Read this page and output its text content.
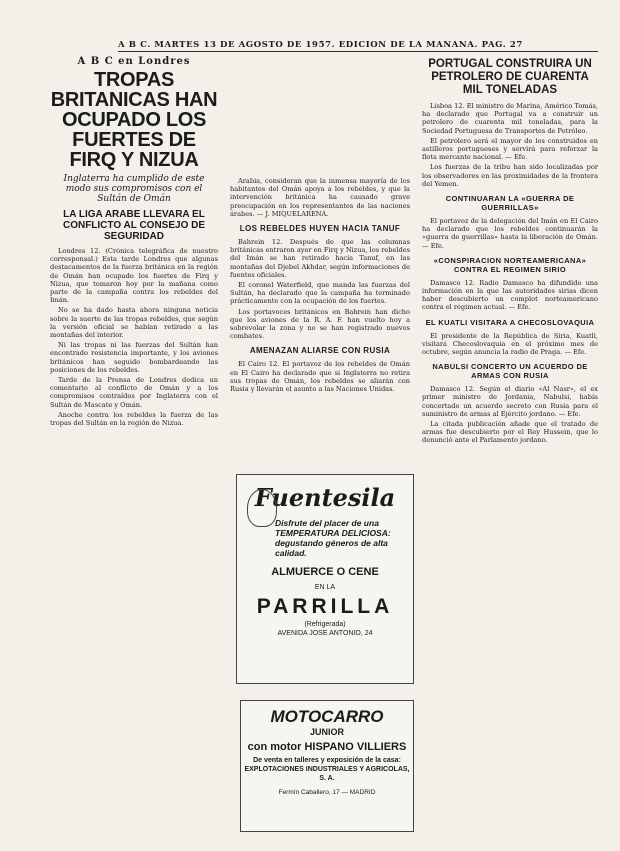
A B C. MARTES 13 DE AGOSTO DE 1957. EDICION DE LA MAÑANA. PAG. 27
A B C en Londres
TROPAS BRITANICAS HAN OCUPADO LOS FUERTES DE FIRQ Y NIZUA
Inglaterra ha cumplido de este modo sus compromisos con el Sultán de Omán
LA LIGA ARABE LLEVARA EL CONFLICTO AL CONSEJO DE SEGURIDAD

Londres 12. (Crónica telegráfica de nuestro corresponsal.) Esta tarde Londres que algunas destacamentos de la fuerza británica en la región de Omán han ocupado los fuertes de Firq y Nizua, que tomaron hoy por la mañana como parte de la campaña contra los rebeldes del Imán.

No se ha dado hasta ahora ninguna noticia sobre la suerte de las tropas rebeldes, que según la versión oficial se habían retirado a las montañas del interior.

Ni las tropas ni las fuerzas del Sultán han encontrado resistencia importante, y los aviones británicos han seguido bombardeando las posiciones de los rebeldes.

Tarde de la Prensa de Londres dedica un comentario al conflicto de Omán y a los compromisos contraídos por Inglaterra con el Sultán de Mascate y Omán.

Anoche contra los rebeldes la fuerza de las tropas del Sultán en la región de Nizua.

Arabia, consideran que la inmensa mayoría de los habitantes del Omán apoya a los rebeldes, y que la intervención británica ha causado grave preocupación en los representantes de las naciones árabes. — J. MIQUELARENA.

LOS REBELDES HUYEN HACIA TANUF

Bahrein 12. Después de que las columnas británicas entraron ayer en Firq y Nizua, los rebeldes del Imán se han retirado hacia Tanuf, en las montañas del Djebel Akhdar, según informaciones de fuentes oficiales.

El coronel Waterfield, que manda las fuerzas del Sultán, ha declarado que la campaña ha terminado prácticamente con la ocupación de los fuertes.

Los portavoces británicos en Bahrein han dicho que los aviones de la R. A. F. han vuelto hoy a sobrevolar la zona y no se han registrado nuevos combates.

AMENAZAN ALIARSE CON RUSIA

El Cairo 12. El portavoz de los rebeldes de Omán en El Cairo ha declarado que si Inglaterra no retira sus tropas de Omán, los rebeldes se aliarán con Rusia y llevarán el asunto a las Naciones Unidas.

Fuentesila
Disfrute del placer de una TEMPERATURA DELICIOSA: degustando géneros de alta calidad.
ALMUERCE O CENE
EN LA
PARRILLA
(Refrigerada)
AVENIDA JOSE ANTONIO, 24
MOTOCARRO
JUNIOR
con motor HISPANO VILLIERS
De venta en talleres y exposición de la casa: EXPLOTACIONES INDUSTRIALES Y AGRICOLAS, S. A.
Fermín Caballero, 17 — MADRID
PORTUGAL CONSTRUIRA UN PETROLERO DE CUARENTA MIL TONELADAS

Lisboa 12. El ministro de Marina, Américo Tomás, ha declarado que Portugal va a construir un petrolero de cuarenta mil toneladas, para la Sociedad Portuguesa de Transportes de Petróleo.

El petrolero será el mayor de los construidos en astilleros portugueses y servirá para reforzar la flota mercante nacional. — Efe.

Los fuerzas de la tribu han sido localizadas por los observadores en las proximidades de la frontera del Yemen.

CONTINUARAN LA «GUERRA DE GUERRILLAS»

El portavoz de la delegación del Imán en El Cairo ha declarado que los rebeldes continuarán la «guerra de guerrillas» hasta la liberación de Omán. — Efe.

«CONSPIRACION NORTEAMERICANA» CONTRA EL REGIMEN SIRIO

Damasco 12. Radio Damasco ha difundido una información en la que las autoridades sirias dicen haber descubierto un complot norteamericano contra el régimen actual. — Efe.

EL KUATLI VISITARA A CHECOSLOVAQUIA

El presidente de la República de Siria, Kuatli, visitará Checoslovaquia en el próximo mes de octubre, según anuncia la radio de Praga. — Efe.

NABULSI CONCERTO UN ACUERDO DE ARMAS CON RUSIA

Damasco 12. Según el diario «Al Nasr», el ex primer ministro de Jordania, Nabulsi, había concertado un acuerdo secreto con Rusia para el suministro de armas al Ejército jordano. — Efe.

La citada publicación añade que el tratado de armas fue descubierto por el Rey Hussein, que lo denunció ante el Parlamento jordano.
